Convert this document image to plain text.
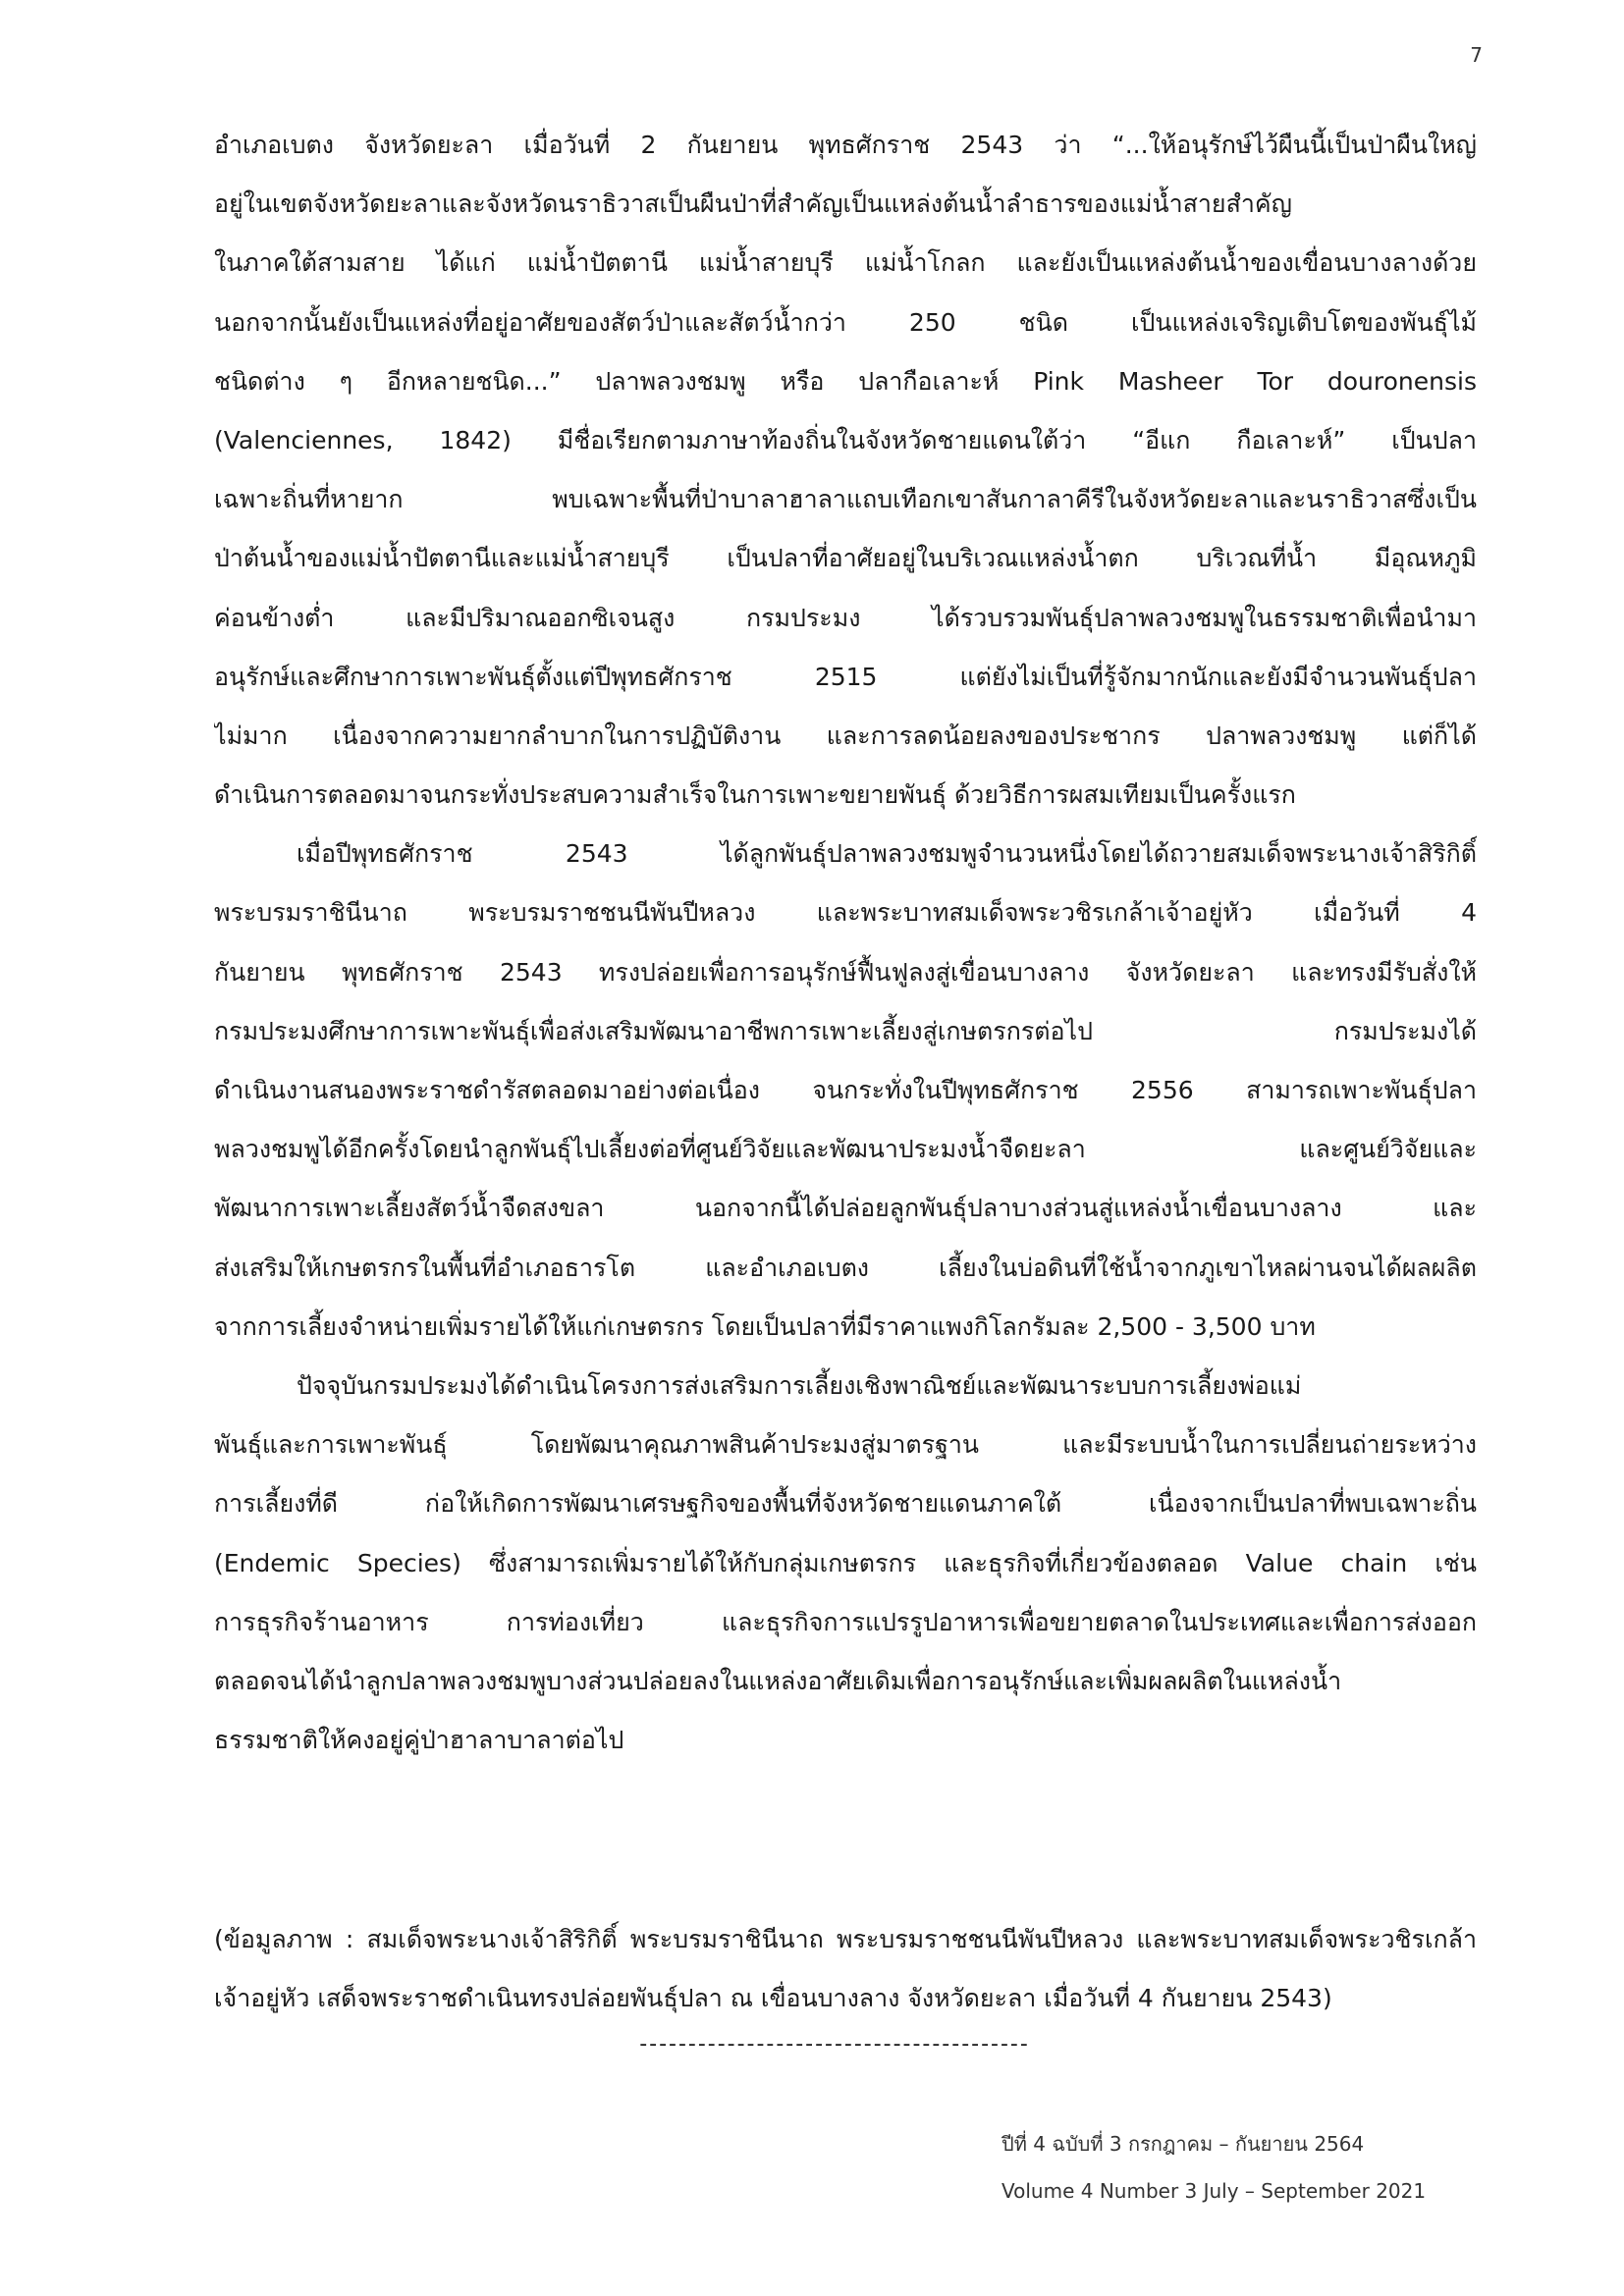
7
อำเภอเบตง จังหวัดยะลา เมื่อวันที่ 2 กันยายน พุทธศักราช 2543 ว่า “...ให้อนุรักษ์ไว้ผืนนี้เป็นป่าผืนใหญ่
อยู่ในเขตจังหวัดยะลาและจังหวัดนราธิวาสเป็นผืนป่าที่สำคัญเป็นแหล่งต้นน้ำลำธารของแม่น้ำสายสำคัญ
ในภาคใต้สามสาย ได้แก่ แม่น้ำปัตตานี แม่น้ำสายบุรี แม่น้ำโกลก และยังเป็นแหล่งต้นน้ำของเขื่อนบางลางด้วย
นอกจากนั้นยังเป็นแหล่งที่อยู่อาศัยของสัตว์ป่าและสัตว์น้ำกว่า 250 ชนิด เป็นแหล่งเจริญเติบโตของพันธุ์ไม้
ชนิดต่าง ๆ อีกหลายชนิด...” ปลาพลวงชมพู หรือ ปลากือเลาะห์ Pink Masheer Tor douronensis
(Valenciennes, 1842) มีชื่อเรียกตามภาษาท้องถิ่นในจังหวัดชายแดนใต้ว่า “อีแก กือเลาะห์” เป็นปลา
เฉพาะถิ่นที่หายาก พบเฉพาะพื้นที่ป่าบาลาฮาลาแถบเทือกเขาสันกาลาคีรีในจังหวัดยะลาและนราธิวาสซึ่งเป็น
ป่าต้นน้ำของแม่น้ำปัตตานีและแม่น้ำสายบุรี เป็นปลาที่อาศัยอยู่ในบริเวณแหล่งน้ำตก บริเวณที่น้ำ มีอุณหภูมิ
ค่อนข้างต่ำ และมีปริมาณออกซิเจนสูง กรมประมง ได้รวบรวมพันธุ์ปลาพลวงชมพูในธรรมชาติเพื่อนำมา
อนุรักษ์และศึกษาการเพาะพันธุ์ตั้งแต่ปีพุทธศักราช 2515 แต่ยังไม่เป็นที่รู้จักมากนักและยังมีจำนวนพันธุ์ปลา
ไม่มาก เนื่องจากความยากลำบากในการปฏิบัติงาน และการลดน้อยลงของประชากร ปลาพลวงชมพู แต่ก็ได้
ดำเนินการตลอดมาจนกระทั่งประสบความสำเร็จในการเพาะขยายพันธุ์ ด้วยวิธีการผสมเทียมเป็นครั้งแรก
เมื่อปีพุทธศักราช 2543 ได้ลูกพันธุ์ปลาพลวงชมพูจำนวนหนึ่งโดยได้ถวายสมเด็จพระนางเจ้าสิริกิติ์
พระบรมราชินีนาถ พระบรมราชชนนีพันปีหลวง และพระบาทสมเด็จพระวชิรเกล้าเจ้าอยู่หัว เมื่อวันที่ 4
กันยายน พุทธศักราช 2543 ทรงปล่อยเพื่อการอนุรักษ์ฟื้นฟูลงสู่เขื่อนบางลาง จังหวัดยะลา และทรงมีรับสั่งให้
กรมประมงศึกษาการเพาะพันธุ์เพื่อส่งเสริมพัฒนาอาชีพการเพาะเลี้ยงสู่เกษตรกรต่อไป กรมประมงได้
ดำเนินงานสนองพระราชดำรัสตลอดมาอย่างต่อเนื่อง จนกระทั่งในปีพุทธศักราช 2556 สามารถเพาะพันธุ์ปลา
พลวงชมพูได้อีกครั้งโดยนำลูกพันธุ์ไปเลี้ยงต่อที่ศูนย์วิจัยและพัฒนาประมงน้ำจืดยะลา และศูนย์วิจัยและ
พัฒนาการเพาะเลี้ยงสัตว์น้ำจืดสงขลา นอกจากนี้ได้ปล่อยลูกพันธุ์ปลาบางส่วนสู่แหล่งน้ำเขื่อนบางลาง และ
ส่งเสริมให้เกษตรกรในพื้นที่อำเภอธารโต และอำเภอเบตง เลี้ยงในบ่อดินที่ใช้น้ำจากภูเขาไหลผ่านจนได้ผลผลิต
จากการเลี้ยงจำหน่ายเพิ่มรายได้ให้แก่เกษตรกร โดยเป็นปลาที่มีราคาแพงกิโลกรัมละ 2,500 - 3,500 บาท
ปัจจุบันกรมประมงได้ดำเนินโครงการส่งเสริมการเลี้ยงเชิงพาณิชย์และพัฒนาระบบการเลี้ยงพ่อแม่
พันธุ์และการเพาะพันธุ์ โดยพัฒนาคุณภาพสินค้าประมงสู่มาตรฐาน และมีระบบน้ำในการเปลี่ยนถ่ายระหว่าง
การเลี้ยงที่ดี ก่อให้เกิดการพัฒนาเศรษฐกิจของพื้นที่จังหวัดชายแดนภาคใต้ เนื่องจากเป็นปลาที่พบเฉพาะถิ่น
(Endemic Species) ซึ่งสามารถเพิ่มรายได้ให้กับกลุ่มเกษตรกร และธุรกิจที่เกี่ยวข้องตลอด Value chain เช่น
การธุรกิจร้านอาหาร การท่องเที่ยว และธุรกิจการแปรรูปอาหารเพื่อขยายตลาดในประเทศและเพื่อการส่งออก
ตลอดจนได้นำลูกปลาพลวงชมพูบางส่วนปล่อยลงในแหล่งอาศัยเดิมเพื่อการอนุรักษ์และเพิ่มผลผลิตในแหล่งน้ำ
ธรรมชาติให้คงอยู่คู่ป่าฮาลาบาลาต่อไป
(ข้อมูลภาพ : สมเด็จพระนางเจ้าสิริกิติ์ พระบรมราชินีนาถ พระบรมราชชนนีพันปีหลวง และพระบาทสมเด็จพระวชิรเกล้า
เจ้าอยู่หัว เสด็จพระราชดำเนินทรงปล่อยพันธุ์ปลา ณ เขื่อนบางลาง จังหวัดยะลา เมื่อวันที่ 4 กันยายน 2543)
----------------------------------------
ปีที่ 4 ฉบับที่ 3 กรกฎาคม – กันยายน 2564
Volume 4 Number 3 July – September 2021
